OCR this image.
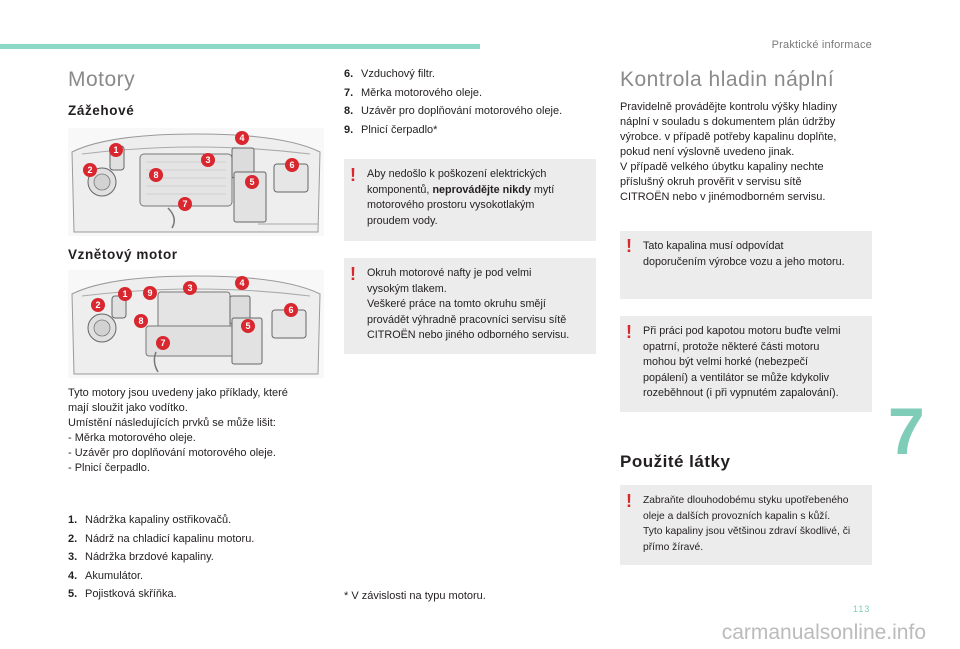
Praktické informace
Motory
Zážehové
1
2
3
4
5
6
7
8
Vznětový motor
1
2
3	4
5
6
7
8
9
Tyto motory jsou uvedeny jako příklady, které
mají sloužit jako vodítko.
Umístění následujících prvků se může lišit:
- Měrka motorového oleje.
- Uzávěr pro doplňování motorového oleje.
- Plnicí čerpadlo.
1. Nádržka kapaliny ostřikovačů.
2. Nádrž na chladicí kapalinu motoru.
3. Nádržka brzdové kapaliny.
4. Akumulátor.
5. Pojistková skříňka.
6. Vzduchový filtr.
7. Měrka motorového oleje.
8. Uzávěr pro doplňování motorového oleje.
9. Plnicí čerpadlo*
! Aby nedošlo k poškození elektrických
komponentů, neprovádějte nikdy mytí
motorového prostoru vysokotlakým
proudem vody.
! Okruh motorové nafty je pod velmi
vysokým tlakem.
Veškeré práce na tomto okruhu smějí
provádět výhradně pracovníci servisu sítě
CITROËN nebo jiného odborného servisu.
* V závislosti na typu motoru.
Kontrola hladin náplní
Pravidelně provádějte kontrolu výšky hladiny
náplní v souladu s dokumentem plán údržby
výrobce. v případě potřeby kapalinu doplňte,
pokud není výslovně uvedeno jinak.
V případě velkého úbytku kapaliny nechte
příslušný okruh prověřit v servisu sítě
CITROËN nebo v jinémodborném servisu.
! Tato kapalina musí odpovídat
doporučením výrobce vozu a jeho motoru.
! Při práci pod kapotou motoru buďte velmi
opatrní, protože některé části motoru
mohou být velmi horké (nebezpečí
popálení) a ventilátor se může kdykoliv
rozeběhnout (i při vypnutém zapalování).
Použité látky
! Zabraňte dlouhodobému styku upotřebeného
oleje a dalších provozních kapalin s kůží.
Tyto kapaliny jsou většinou zdraví škodlivé, či
přímo žíravé.
7
113
carmanualsonline.info
